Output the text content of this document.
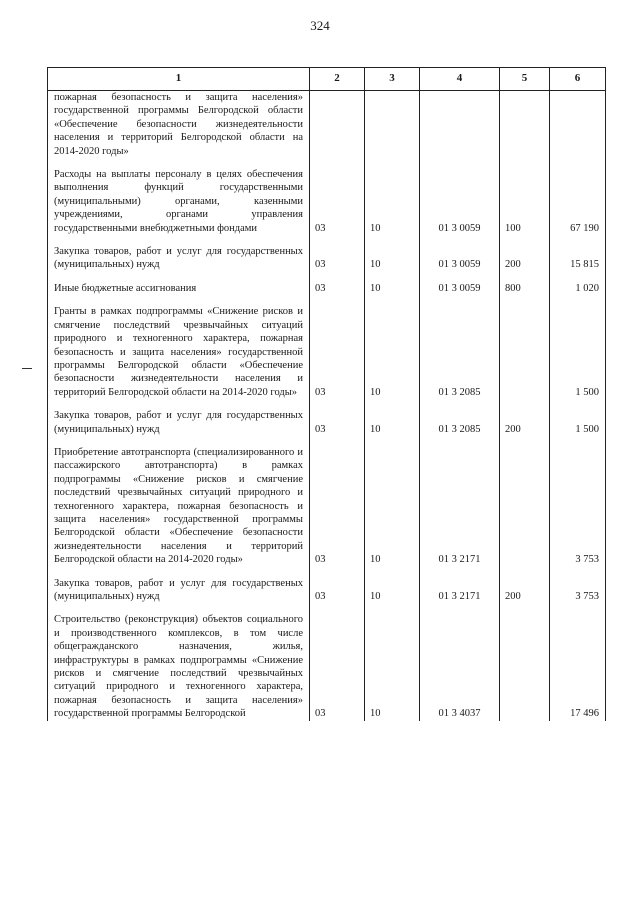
324
1	2	3	4	5	6
пожарная безопасность и защита населения» государственной программы Белгородской области «Обеспечение безопасности жизнедеятельности населения и территорий Белгородской области на 2014-2020 годы»					

Расходы на выплаты персоналу в целях обеспечения выполнения функций государственными (муниципальными) органами, казенными учреждениями, органами управления государственными внебюджетными фондами	03	10	01 3 0059	100	67 190

Закупка товаров, работ и услуг для государственных (муниципальных) нужд	03	10	01 3 0059	200	15 815

Иные бюджетные ассигнования	03	10	01 3 0059	800	1 020

Гранты в рамках подпрограммы «Снижение рисков и смягчение последствий чрезвычайных ситуаций природного и техногенного характера, пожарная безопасность и защита населения» государственной программы Белгородской области «Обеспечение безопасности жизнедеятельности населения и территорий Белгородской области на 2014-2020 годы»	03	10	01 3 2085		1 500

Закупка товаров, работ и услуг для государственных (муниципальных) нужд	03	10	01 3 2085	200	1 500

Приобретение автотранспорта (специализированного и пассажирского автотранспорта) в рамках подпрограммы «Снижение рисков и смягчение последствий чрезвычайных ситуаций природного и техногенного характера, пожарная безопасность и защита населения» государственной программы Белгородской области «Обеспечение безопасности жизнедеятельности населения и территорий Белгородской области на 2014-2020 годы»	03	10	01 3 2171		3 753

Закупка товаров, работ и услуг для государственых (муниципальных) нужд	03	10	01 3 2171	200	3 753

Строительство (реконструкция) объектов социального и производственного комплексов, в том числе общегражданского назначения, жилья, инфраструктуры в рамках подпрограммы «Снижение рисков и смягчение последствий чрезвычайных ситуаций природного и техногенного характера, пожарная безопасность и защита населения» государственной программы Белгородской	03	10	01 3 4037		17 496
